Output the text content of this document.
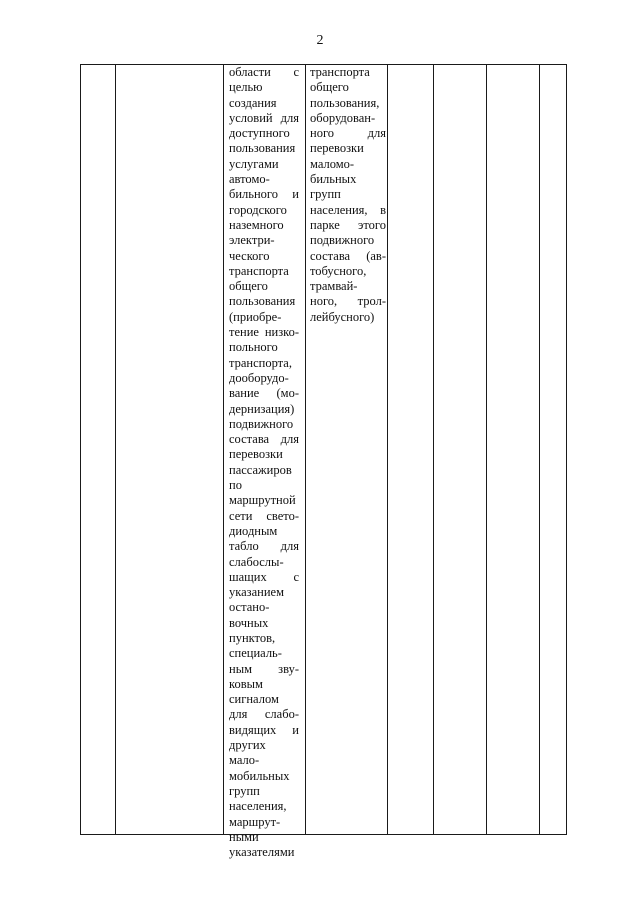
2
области с
целью
создания
условий для
доступного
пользования
услугами
автомо-
бильного и
городского
наземного
электри-
ческого
транспорта
общего
пользования
(приобре-
тение низко-
польного
транспорта,
дооборудо-
вание (мо-
дернизация)
подвижного
состава для
перевозки
пассажиров
по
маршрутной
сети свето-
диодным
табло для
слабослы-
шащих с
указанием
остано-
вочных
пунктов,
специаль-
ным зву-
ковым
сигналом
для слабо-
видящих и
других
мало-
мобильных
групп
населения,
маршрут-
ными
указателями
транспорта
общего
пользования,
оборудован-
ного для
перевозки
маломо-
бильных
групп
населения, в
парке этого
подвижного
состава (ав-
тобусного,
трамвай-
ного, трол-
лейбусного)
